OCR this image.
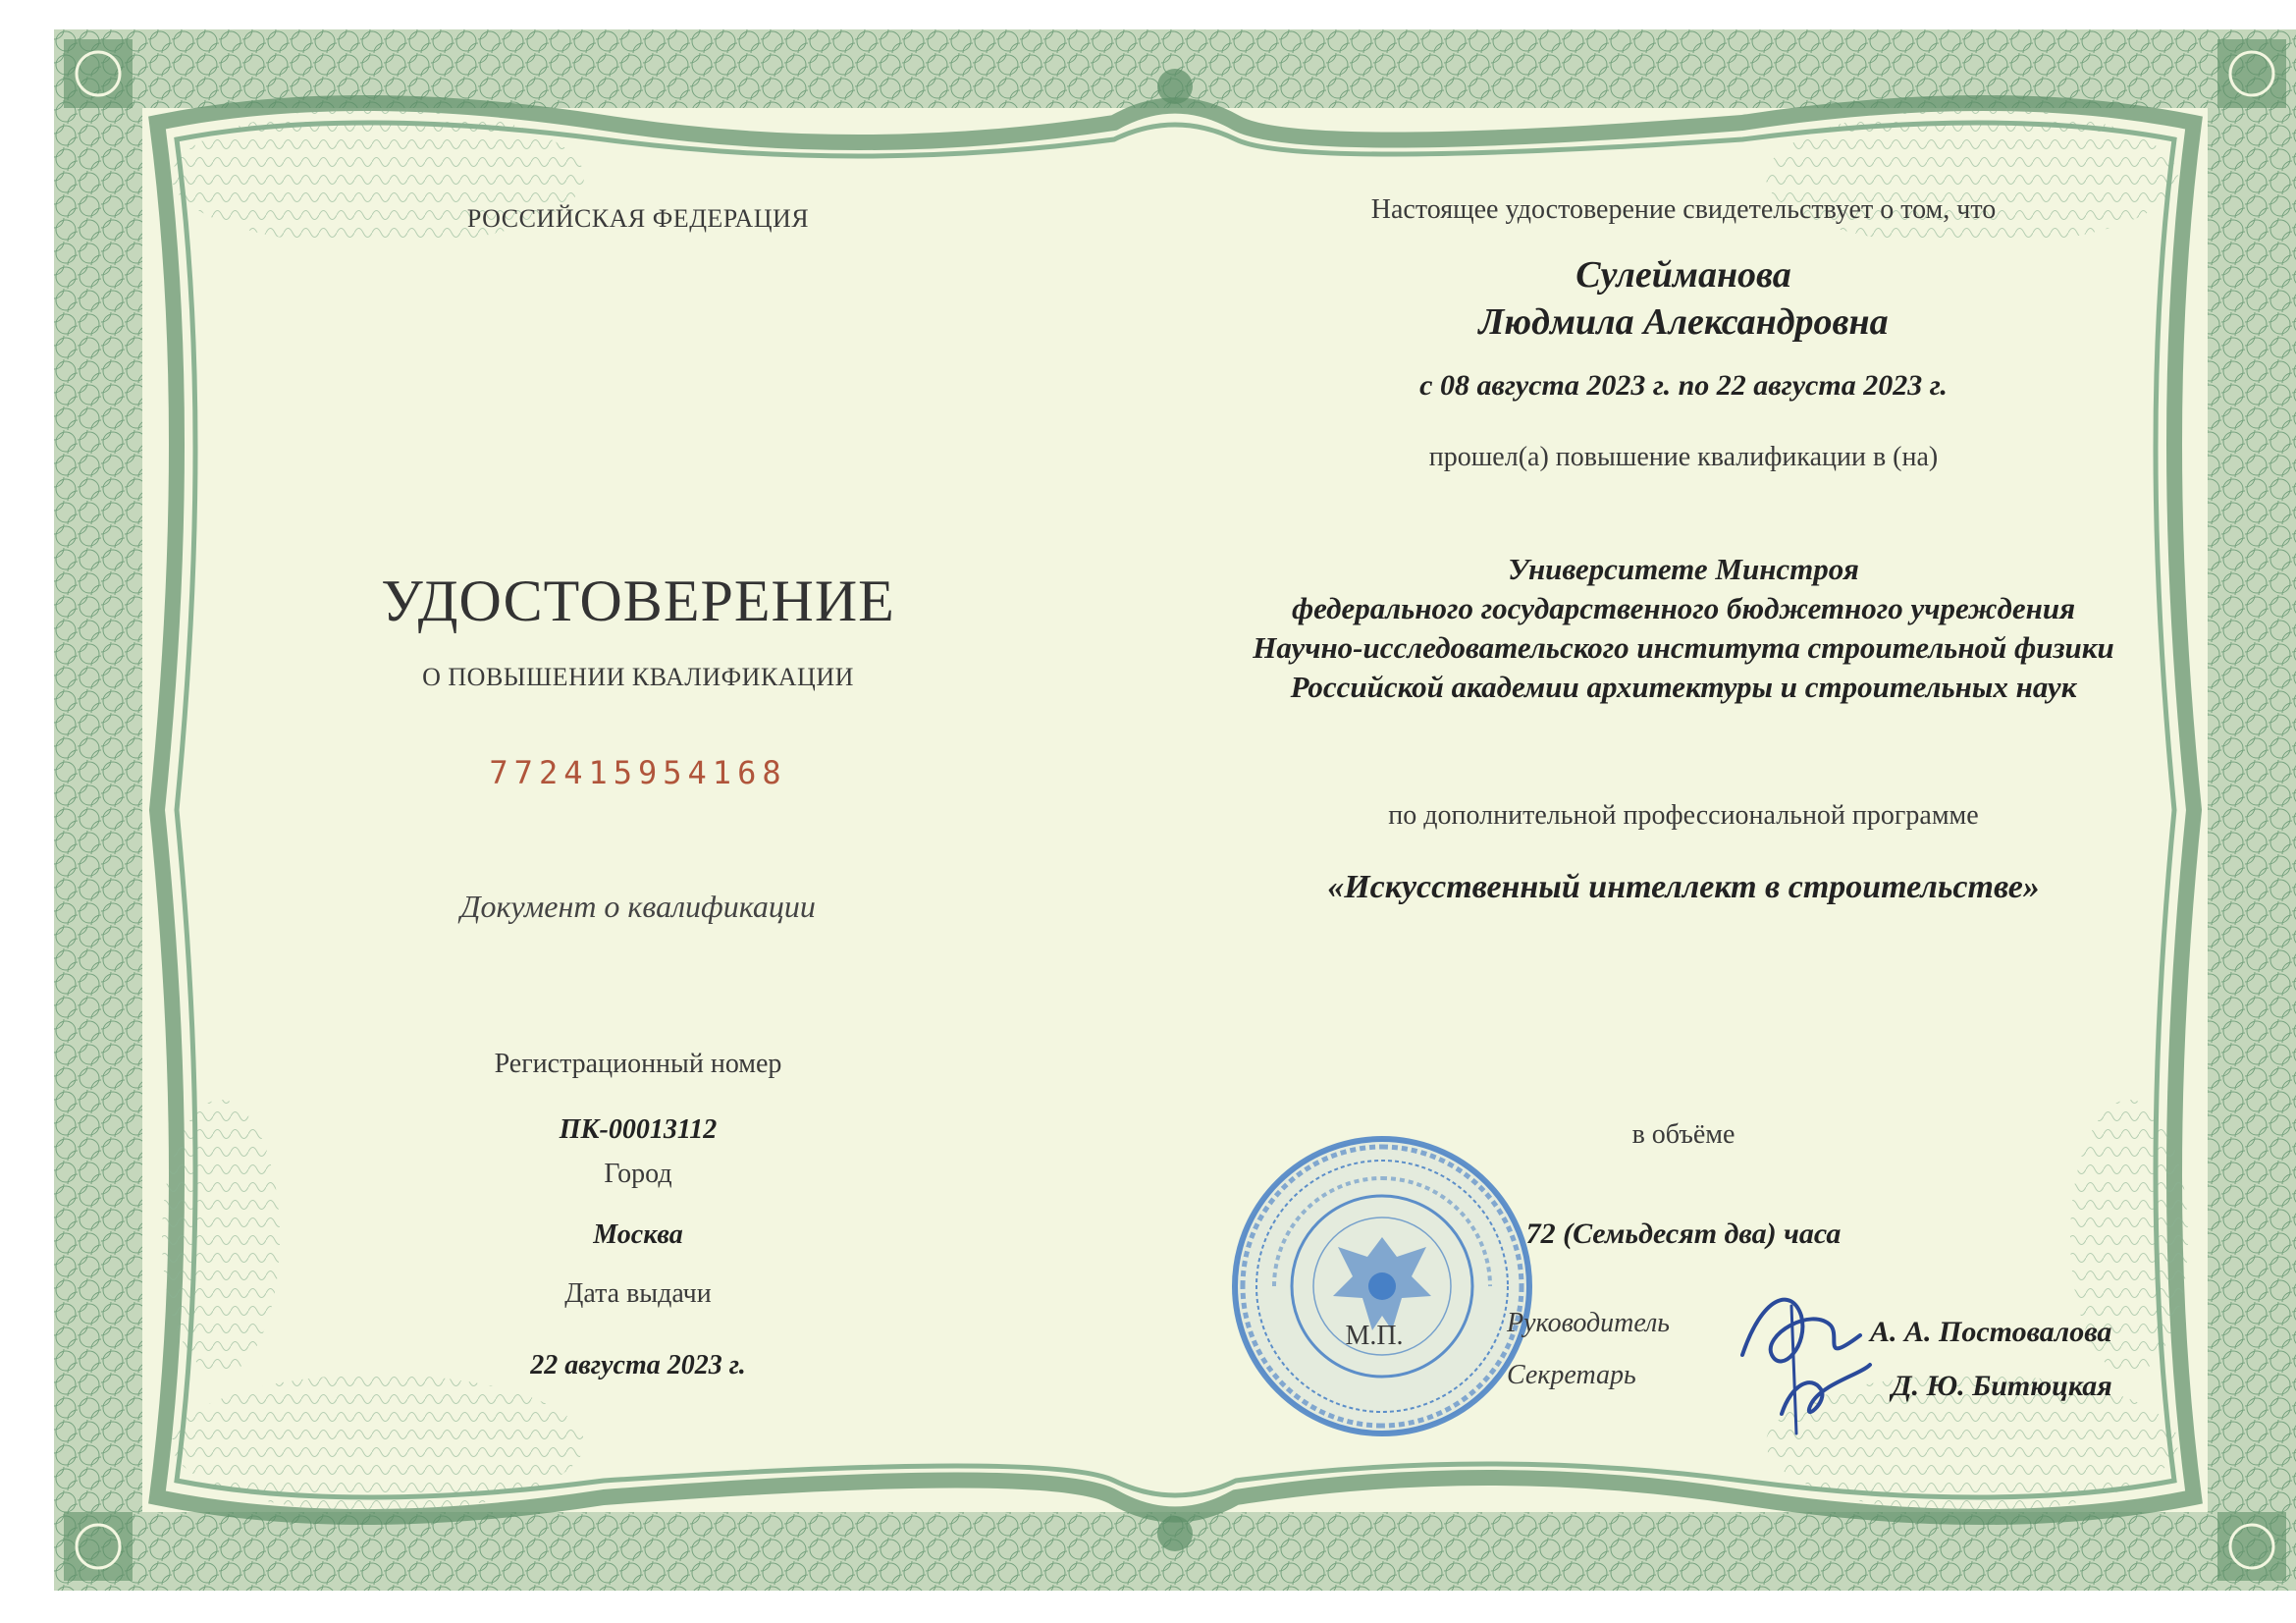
РОССИЙСКАЯ ФЕДЕРАЦИЯ
УДОСТОВЕРЕНИЕ
О ПОВЫШЕНИИ КВАЛИФИКАЦИИ
772415954168
Документ о квалификации
Регистрационный номер
ПК-00013112
Город
Москва
Дата выдачи
22 августа 2023 г.
Настоящее удостоверение свидетельствует о том, что
Сулейманова
Людмила Александровна
с 08 августа 2023 г. по 22 августа 2023 г.
прошел(а) повышение квалификации в (на)
Университете Минстроя
федерального государственного бюджетного учреждения
Научно-исследовательского института строительной физики
Российской академии архитектуры и строительных наук
по дополнительной профессиональной программе
«Искусственный интеллект в строительстве»
в объёме
72 (Семьдесят два) часа
М.П.	Руководитель
Секретарь
А. А. Постовалова
Д. Ю. Битюцкая
